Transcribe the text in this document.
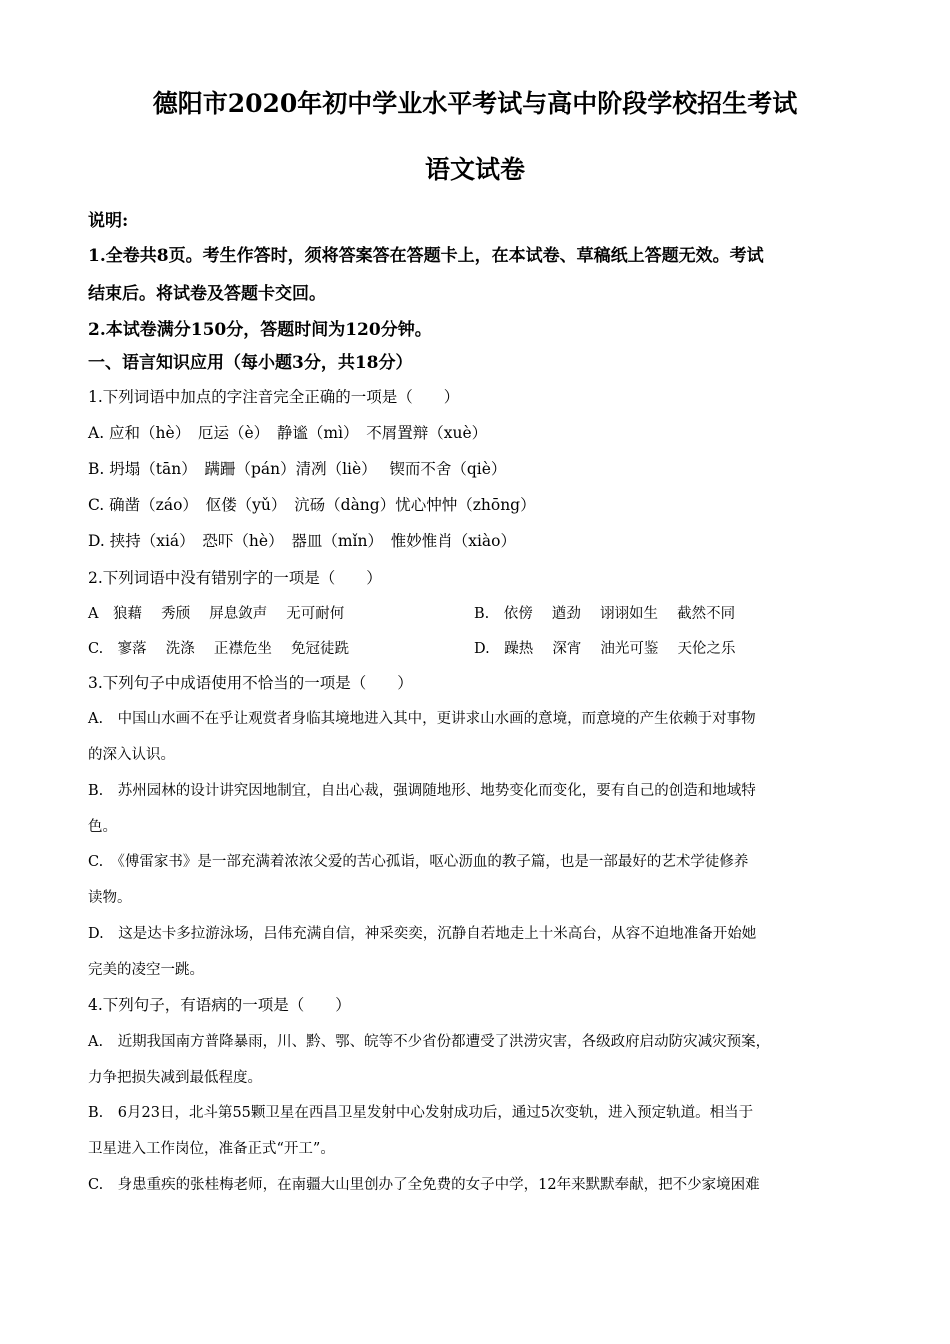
德阳市2020年初中学业水平考试与高中阶段学校招生考试
语文试卷
说明:
1.全卷共8页。考生作答时，须将答案答在答题卡上，在本试卷、草稿纸上答题无效。考试
结束后。将试卷及答题卡交回。
2.本试卷满分150分，答题时间为120分钟。
一、语言知识应用（每小题3分，共18分）
1.下列词语中加点的字注音完全正确的一项是（　　）
A. 应和（hè）　厄运（è）　静谧（mì）　不屑置辩（xuè）
B. 坍塌（tān）　蹒跚（pán）清冽（liè）　 锲而不舍（qiè）
C. 确凿（záo）　伛偻（yǔ）　沆砀（dàng）忧心忡忡（zhōng）
D. 挟持（xiá）　恐吓（hè）　器皿（mǐn）　惟妙惟肖（xiào）
2.下列词语中没有错别字的一项是（　　）
A　狼藉　 秀颀　 屏息敛声　 无可耐何	B.　依傍　 遒劲　 诩诩如生　 截然不同
C.　寥落　 洗涤　 正襟危坐　 免冠徒跣	D.　躁热　 深宵　 油光可鉴　 天伦之乐
3.下列句子中成语使用不恰当的一项是（　　）
A.　中国山水画不在乎让观赏者身临其境地进入其中，更讲求山水画的意境，而意境的产生依赖于对事物
的深入认识。
B.　苏州园林的设计讲究因地制宜，自出心裁，强调随地形、地势变化而变化，要有自己的创造和地域特
色。
C.　《傅雷家书》是一部充满着浓浓父爱的苦心孤诣，呕心沥血的教子篇，也是一部最好的艺术学徒修养
读物。
D.　这是达卡多拉游泳场，吕伟充满自信，神采奕奕，沉静自若地走上十米高台，从容不迫地准备开始她
完美的凌空一跳。
4.下列句子，有语病的一项是（　　）
A.　近期我国南方普降暴雨，川、黔、鄂、皖等不少省份都遭受了洪涝灾害，各级政府启动防灾减灾预案，
力争把损失减到最低程度。
B.　6月23日，北斗第55颗卫星在西昌卫星发射中心发射成功后，通过5次变轨，进入预定轨道。相当于
卫星进入工作岗位，准备正式“开工”。
C.　身患重疾的张桂梅老师，在南疆大山里创办了全免费的女子中学，12年来默默奉献，把不少家境困难
